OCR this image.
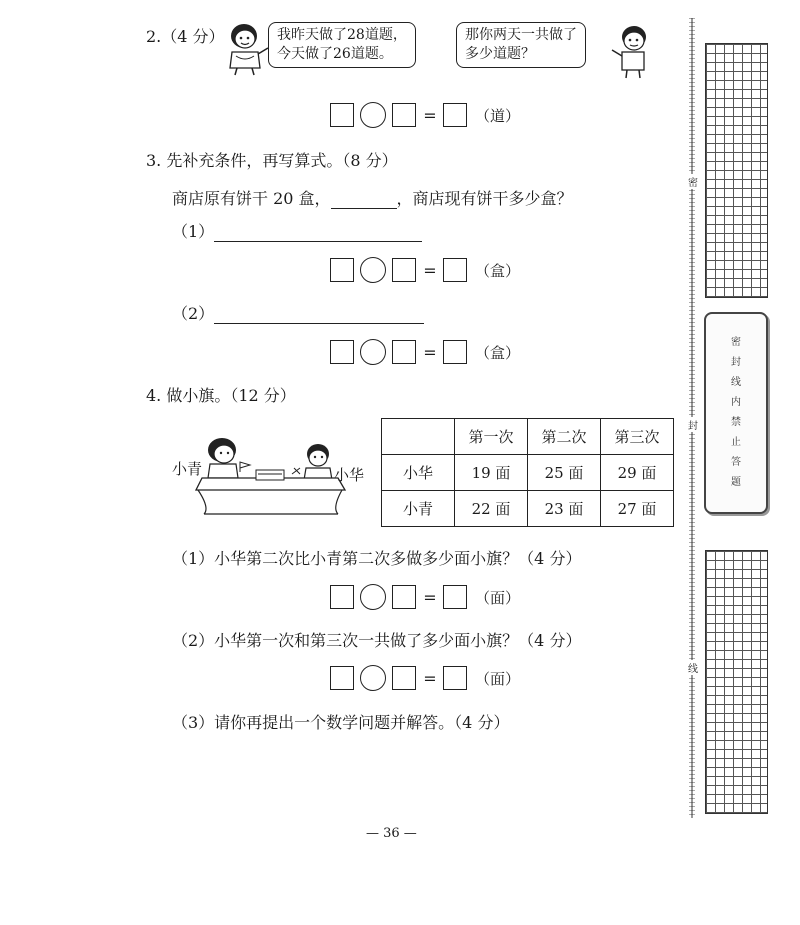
2.（4 分）	我昨天做了28道题，
今天做了26道题。
那你两天一共做了
多少道题？
=	（道）
3. 先补充条件，再写算式。（8 分）
商店原有饼干 20 盒，	，商店现有饼干多少盒？
（1）
=	（盒）
（2）
=	（盒）
4. 做小旗。（12 分）
小青	小华
	第一次	第二次	第三次
小华	19 面	25 面	29 面
小青	22 面	23 面	27 面
（1）小华第二次比小青第二次多做多少面小旗？（4 分）
=	（面）
（2）小华第一次和第三次一共做了多少面小旗？（4 分）
=	（面）
（3）请你再提出一个数学问题并解答。（4 分）
— 36 —
密
封
线
密
封
线
内
禁
止
答
题
